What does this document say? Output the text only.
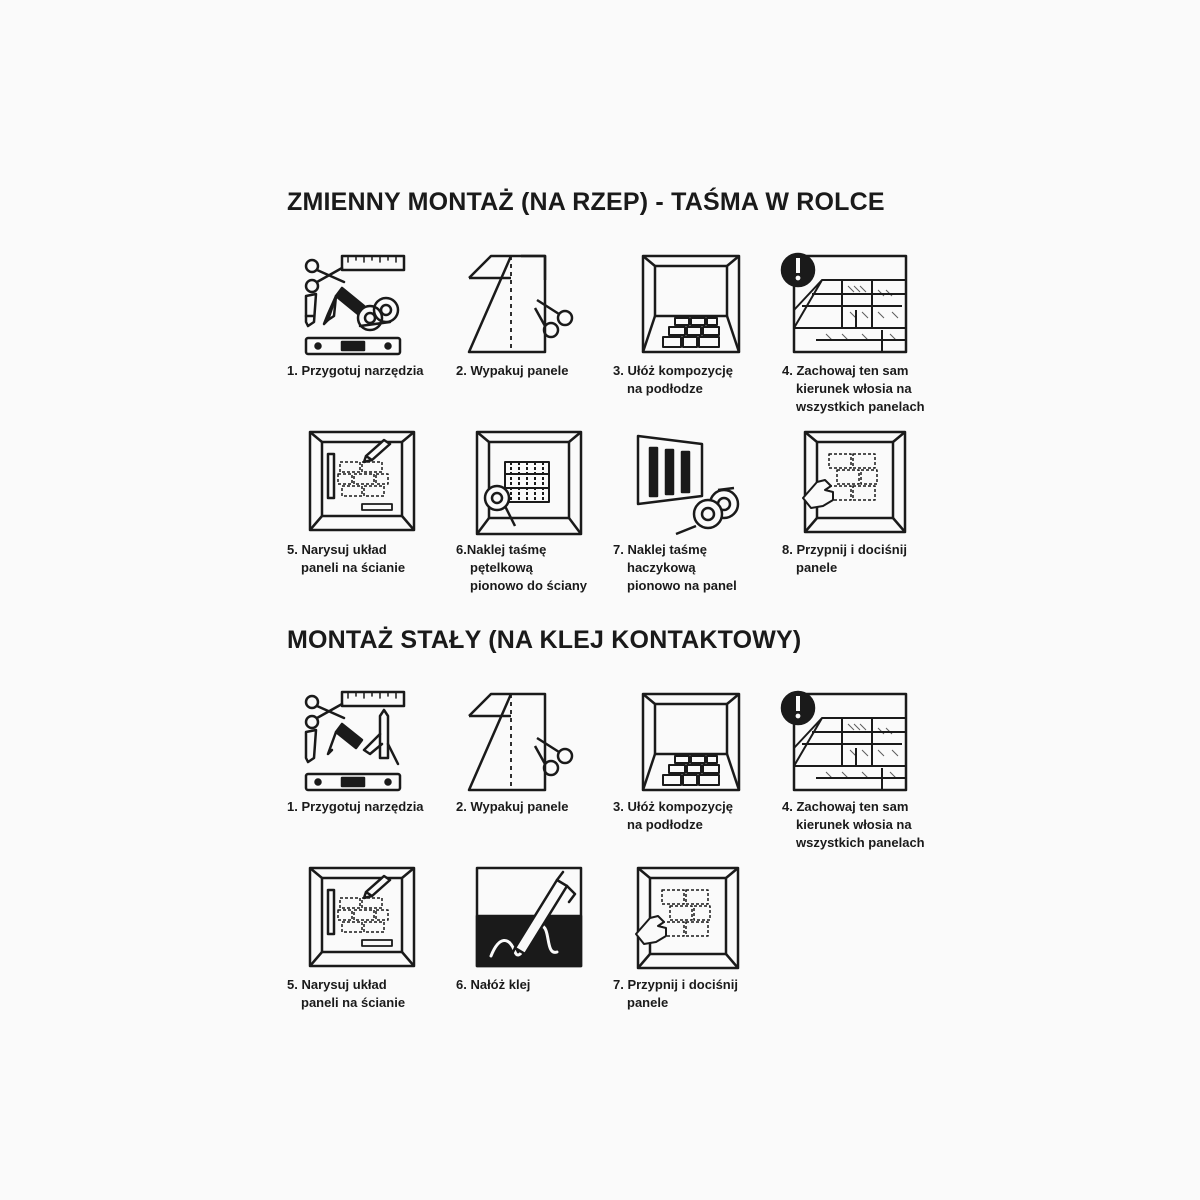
ZMIENNY MONTAŻ (NA RZEP) - TAŚMA W ROLCE
1. Przygotuj narzędzia 2. Wypakuj panele	3. Ułóż kompozycję
na podłodze
4. Zachowaj ten sam
kierunek włosia na
wszystkich panelach
5. Narysuj układ
paneli na ścianie
6.Naklej taśmę
pętelkową
pionowo do ściany
7. Naklej taśmę
haczykową
pionowo na panel
8. Przypnij i dociśnij
panele
MONTAŻ STAŁY (NA KLEJ KONTAKTOWY)
1. Przygotuj narzędzia 2. Wypakuj panele	3. Ułóż kompozycję
na podłodze
4. Zachowaj ten sam
kierunek włosia na
wszystkich panelach
5. Narysuj układ
paneli na ścianie
6. Nałóż klej	7. Przypnij i dociśnij
panele
